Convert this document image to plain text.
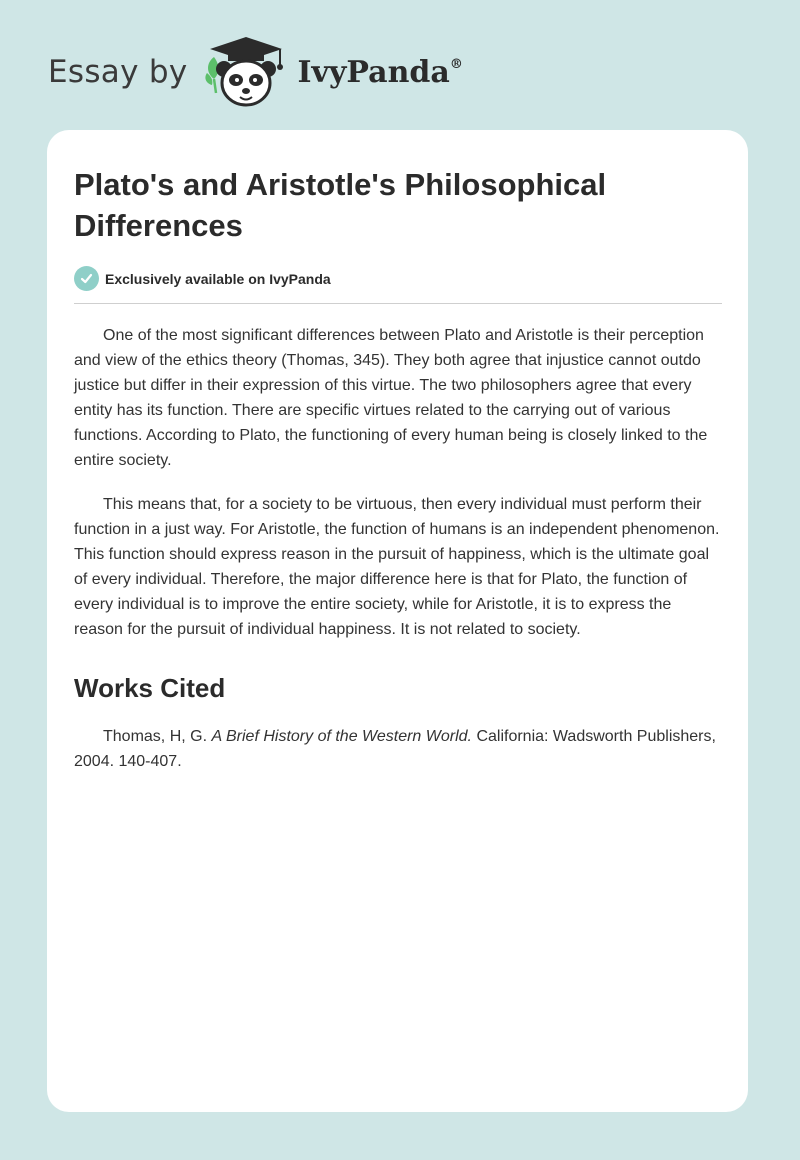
Essay by	IvyPanda®
Plato's and Aristotle's Philosophical Differences
Exclusively available on IvyPanda

One of the most significant differences between Plato and Aristotle is their perception and view of the ethics theory (Thomas, 345). They both agree that injustice cannot outdo justice but differ in their expression of this virtue. The two philosophers agree that every entity has its function. There are specific virtues related to the carrying out of various functions. According to Plato, the functioning of every human being is closely linked to the entire society.

This means that, for a society to be virtuous, then every individual must perform their function in a just way. For Aristotle, the function of humans is an independent phenomenon. This function should express reason in the pursuit of happiness, which is the ultimate goal of every individual. Therefore, the major difference here is that for Plato, the function of every individual is to improve the entire society, while for Aristotle, it is to express the reason for the pursuit of individual happiness. It is not related to society.

Works Cited

Thomas, H, G. A Brief History of the Western World. California: Wadsworth Publishers, 2004. 140-407.
